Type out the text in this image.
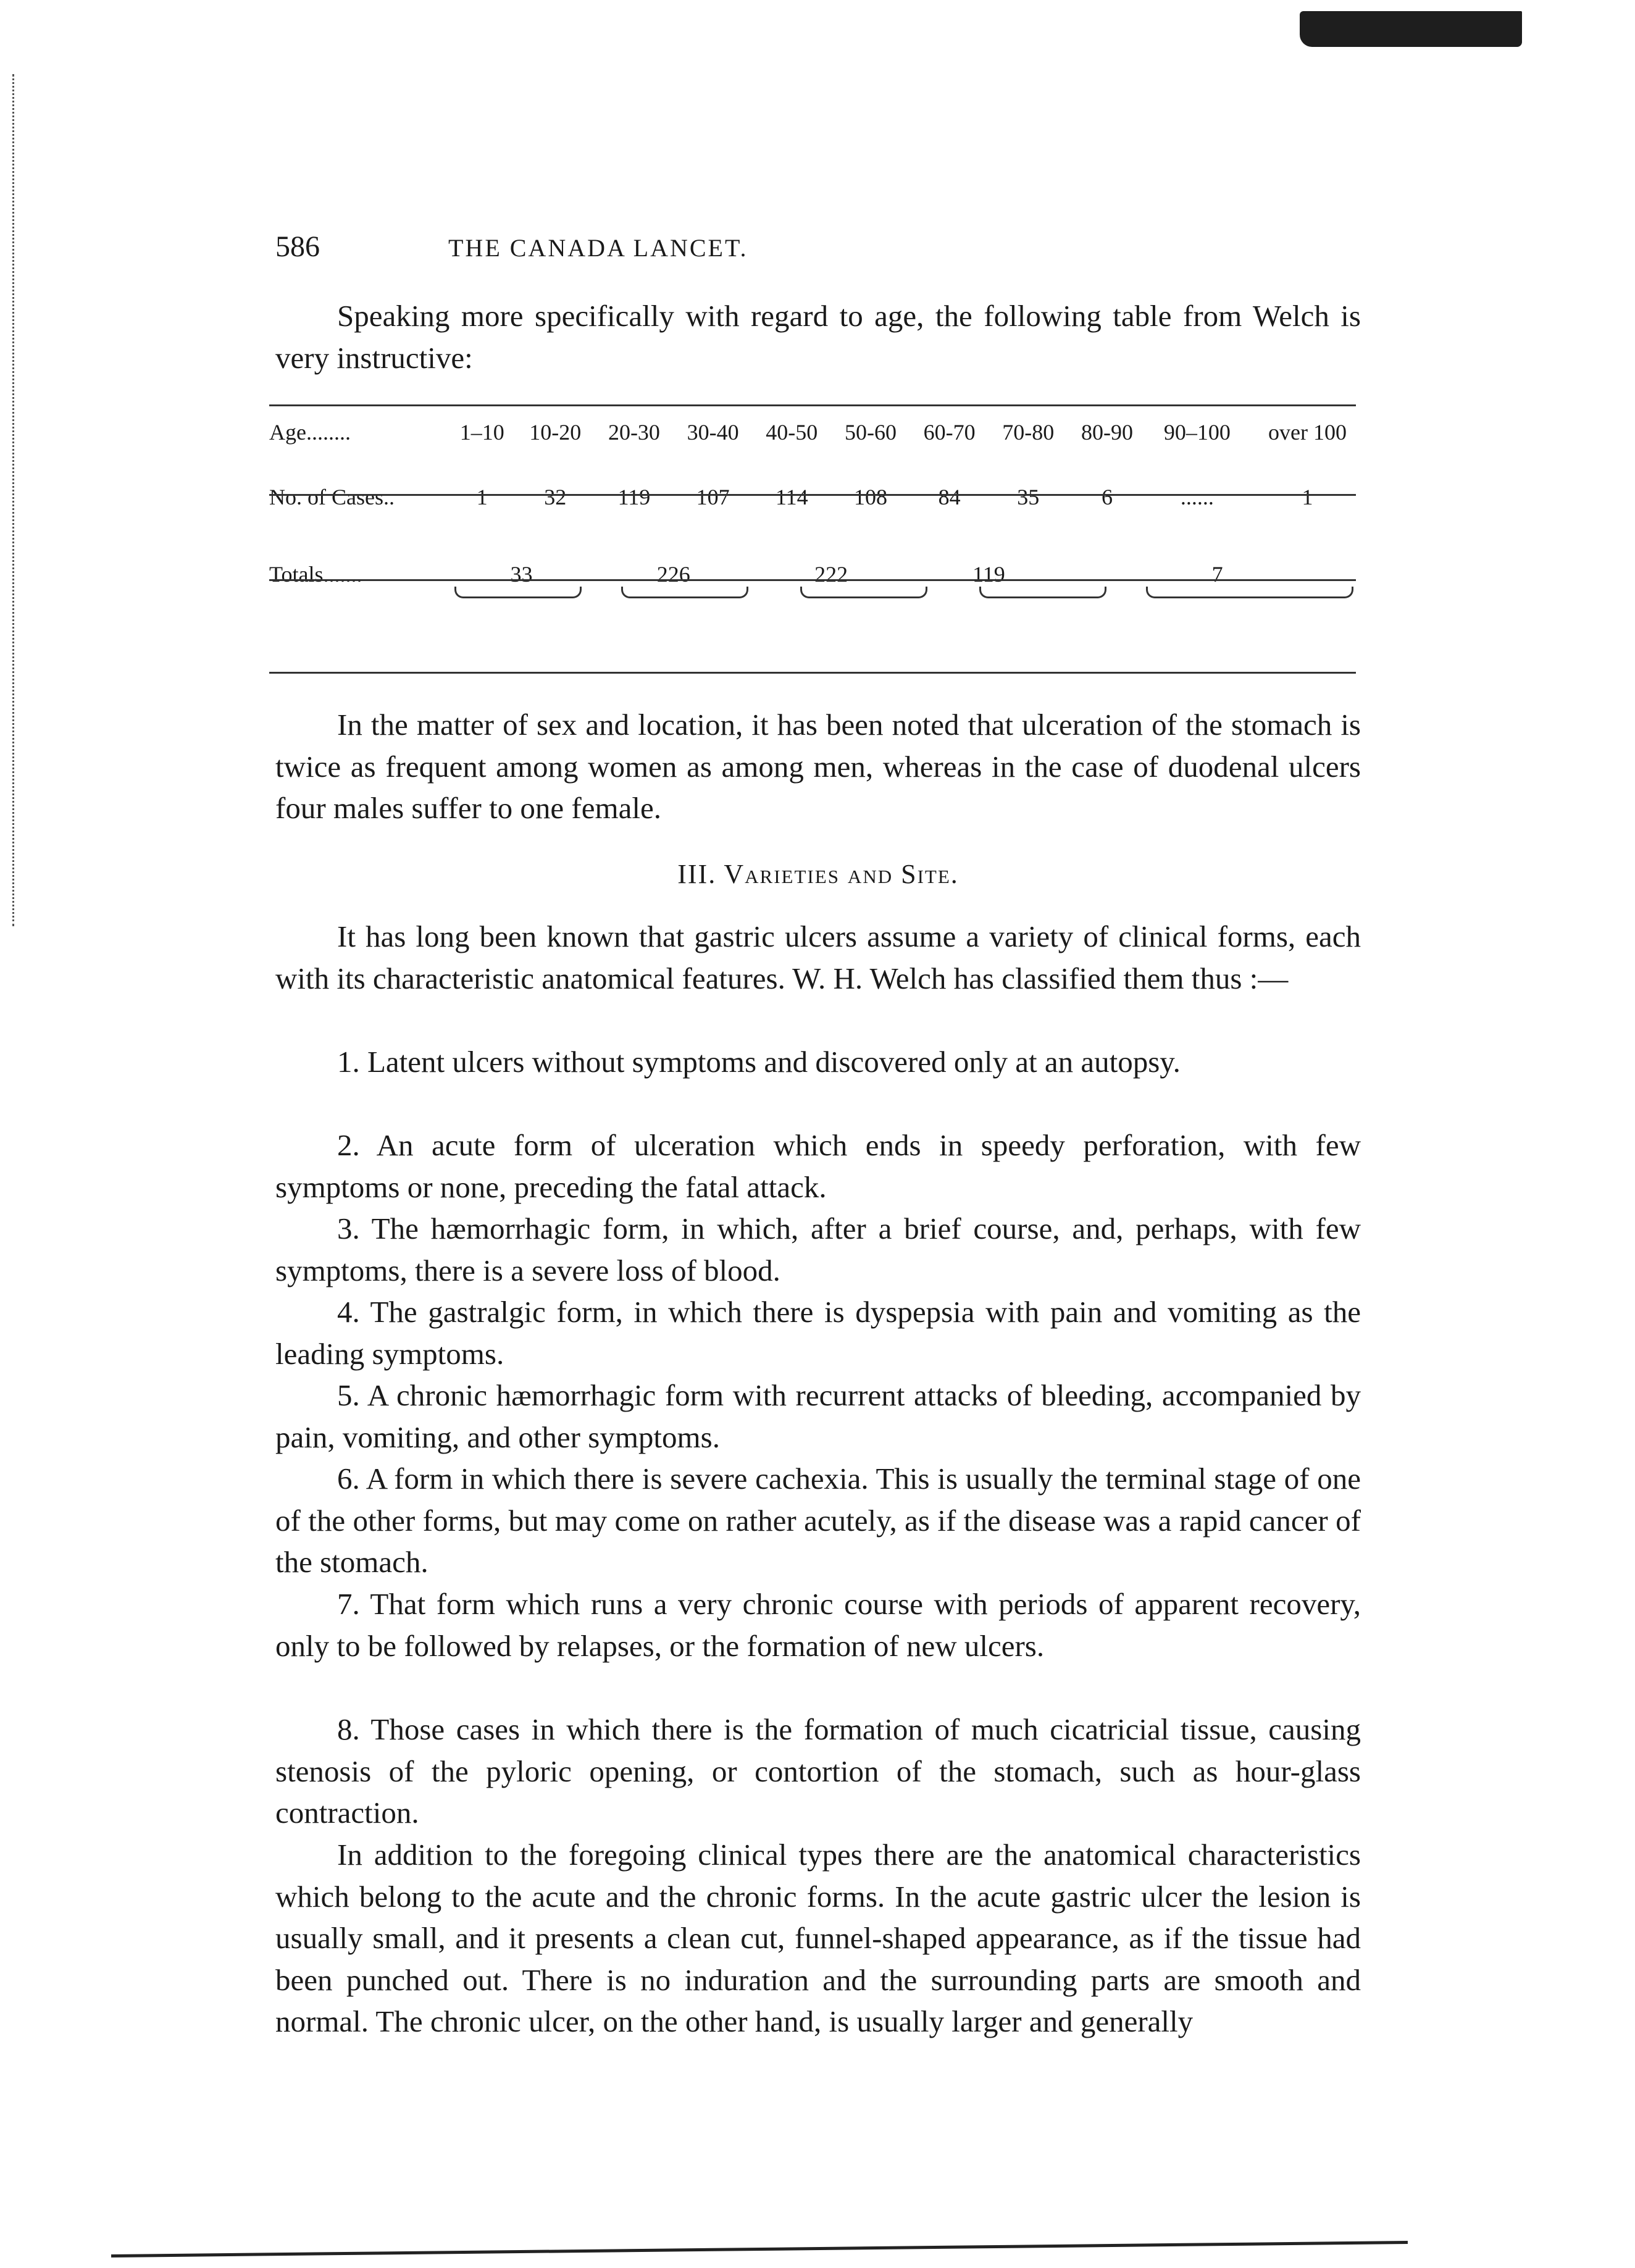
586	THE CANADA LANCET.

Speaking more specifically with regard to age, the following table from Welch is very instructive:

Age........	1–10	10-20	20-30	30-40	40-50	50-60	60-70	70-80	80-90	90–100	over 100
No. of Cases..	1	32	119	107	114	108	84	35	6	......	1
Totals.......	33		226		222		119		7		

In the matter of sex and location, it has been noted that ulceration of the stomach is twice as frequent among women as among men, whereas in the case of duodenal ulcers four males suffer to one female.

III. Varieties and Site.

It has long been known that gastric ulcers assume a variety of clinical forms, each with its characteristic anatomical features. W. H. Welch has classified them thus :—

1. Latent ulcers without symptoms and discovered only at an autopsy.

2. An acute form of ulceration which ends in speedy perforation, with few symptoms or none, preceding the fatal attack.

3. The hæmorrhagic form, in which, after a brief course, and, perhaps, with few symptoms, there is a severe loss of blood.

4. The gastralgic form, in which there is dyspepsia with pain and vomiting as the leading symptoms.

5. A chronic hæmorrhagic form with recurrent attacks of bleeding, accompanied by pain, vomiting, and other symptoms.

6. A form in which there is severe cachexia. This is usually the terminal stage of one of the other forms, but may come on rather acutely, as if the disease was a rapid cancer of the stomach.

7. That form which runs a very chronic course with periods of apparent recovery, only to be followed by relapses, or the formation of new ulcers.

8. Those cases in which there is the formation of much cicatricial tissue, causing stenosis of the pyloric opening, or contortion of the stomach, such as hour-glass contraction.

In addition to the foregoing clinical types there are the anatomical characteristics which belong to the acute and the chronic forms. In the acute gastric ulcer the lesion is usually small, and it presents a clean cut, funnel-shaped appearance, as if the tissue had been punched out. There is no induration and the surrounding parts are smooth and normal. The chronic ulcer, on the other hand, is usually larger and generally
